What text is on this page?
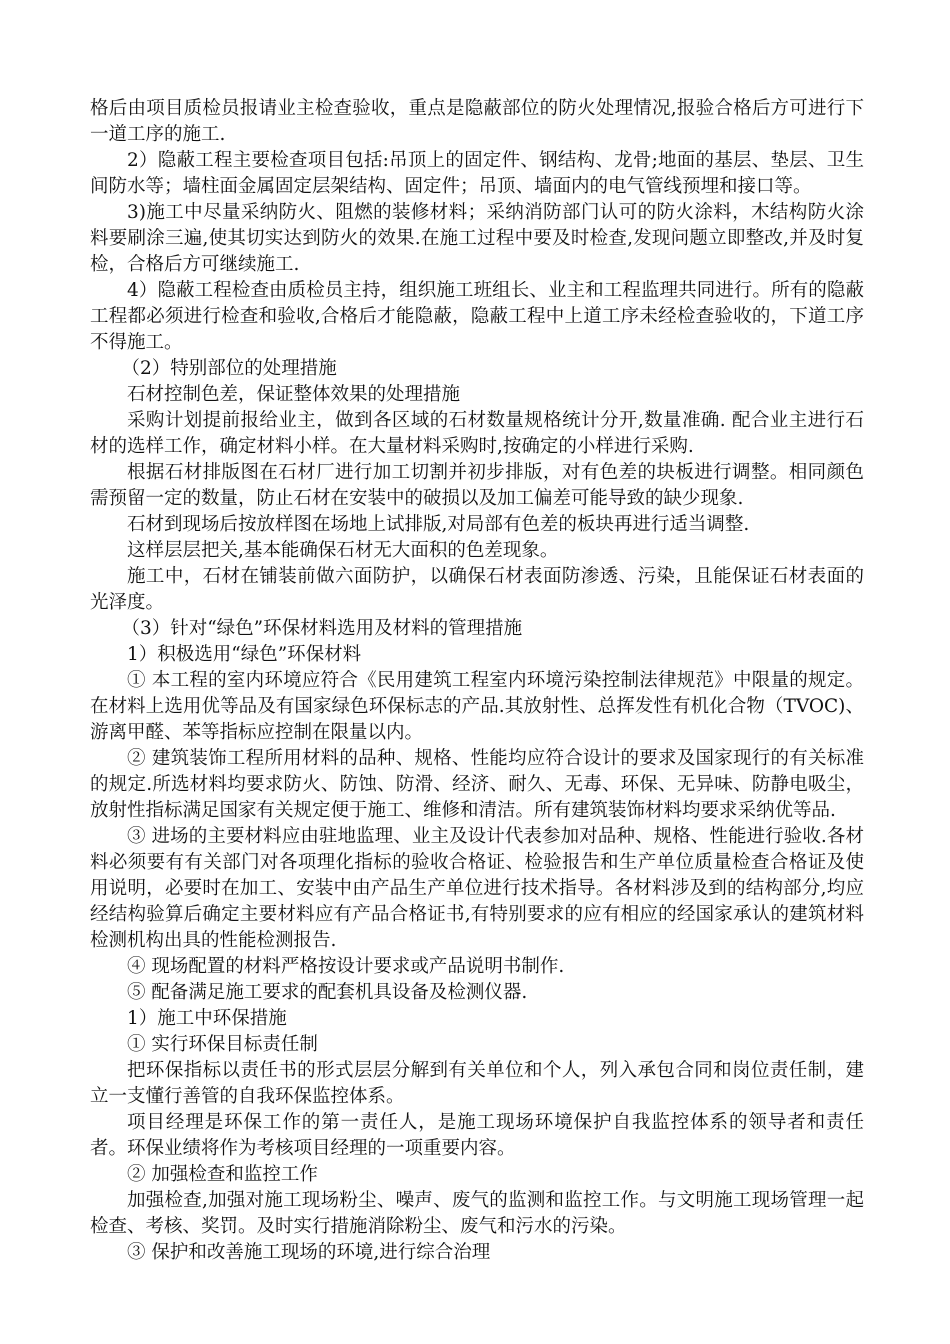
格后由项目质检员报请业主检查验收，重点是隐蔽部位的防火处理情况,报验合格后方可进行下一道工序的施工.

2）隐蔽工程主要检查项目包括:吊顶上的固定件、钢结构、龙骨;地面的基层、垫层、卫生间防水等；墙柱面金属固定层架结构、固定件；吊顶、墙面内的电气管线预埋和接口等。

3)施工中尽量采纳防火、阻燃的装修材料；采纳消防部门认可的防火涂料，木结构防火涂料要刷涂三遍,使其切实达到防火的效果.在施工过程中要及时检查,发现问题立即整改,并及时复检，合格后方可继续施工.

4）隐蔽工程检查由质检员主持，组织施工班组长、业主和工程监理共同进行。所有的隐蔽工程都必须进行检查和验收,合格后才能隐蔽，隐蔽工程中上道工序未经检查验收的，下道工序不得施工。

（2）特别部位的处理措施

石材控制色差，保证整体效果的处理措施

采购计划提前报给业主，做到各区域的石材数量规格统计分开,数量准确. 配合业主进行石材的选样工作，确定材料小样。在大量材料采购时,按确定的小样进行采购.

根据石材排版图在石材厂进行加工切割并初步排版，对有色差的块板进行调整。相同颜色需预留一定的数量，防止石材在安装中的破损以及加工偏差可能导致的缺少现象.

石材到现场后按放样图在场地上试排版,对局部有色差的板块再进行适当调整.

这样层层把关,基本能确保石材无大面积的色差现象。

施工中，石材在铺装前做六面防护，以确保石材表面防渗透、污染，且能保证石材表面的光泽度。

（3）针对“绿色”环保材料选用及材料的管理措施

1）积极选用“绿色”环保材料

① 本工程的室内环境应符合《民用建筑工程室内环境污染控制法律规范》中限量的规定。在材料上选用优等品及有国家绿色环保标志的产品.其放射性、总挥发性有机化合物（TVOC)、游离甲醛、苯等指标应控制在限量以内。

② 建筑装饰工程所用材料的品种、规格、性能均应符合设计的要求及国家现行的有关标准的规定.所选材料均要求防火、防蚀、防滑、经济、耐久、无毒、环保、无异味、防静电吸尘，放射性指标满足国家有关规定便于施工、维修和清洁。所有建筑装饰材料均要求采纳优等品.

③ 进场的主要材料应由驻地监理、业主及设计代表参加对品种、规格、性能进行验收.各材料必须要有有关部门对各项理化指标的验收合格证、检验报告和生产单位质量检查合格证及使用说明，必要时在加工、安装中由产品生产单位进行技术指导。各材料涉及到的结构部分,均应经结构验算后确定主要材料应有产品合格证书,有特别要求的应有相应的经国家承认的建筑材料检测机构出具的性能检测报告.

④ 现场配置的材料严格按设计要求或产品说明书制作.

⑤ 配备满足施工要求的配套机具设备及检测仪器.

1）施工中环保措施

① 实行环保目标责任制

把环保指标以责任书的形式层层分解到有关单位和个人，列入承包合同和岗位责任制，建立一支懂行善管的自我环保监控体系。

项目经理是环保工作的第一责任人，是施工现场环境保护自我监控体系的领导者和责任者。环保业绩将作为考核项目经理的一项重要内容。

② 加强检查和监控工作

加强检查,加强对施工现场粉尘、噪声、废气的监测和监控工作。与文明施工现场管理一起检查、考核、奖罚。及时实行措施消除粉尘、废气和污水的污染。

③ 保护和改善施工现场的环境,进行综合治理
